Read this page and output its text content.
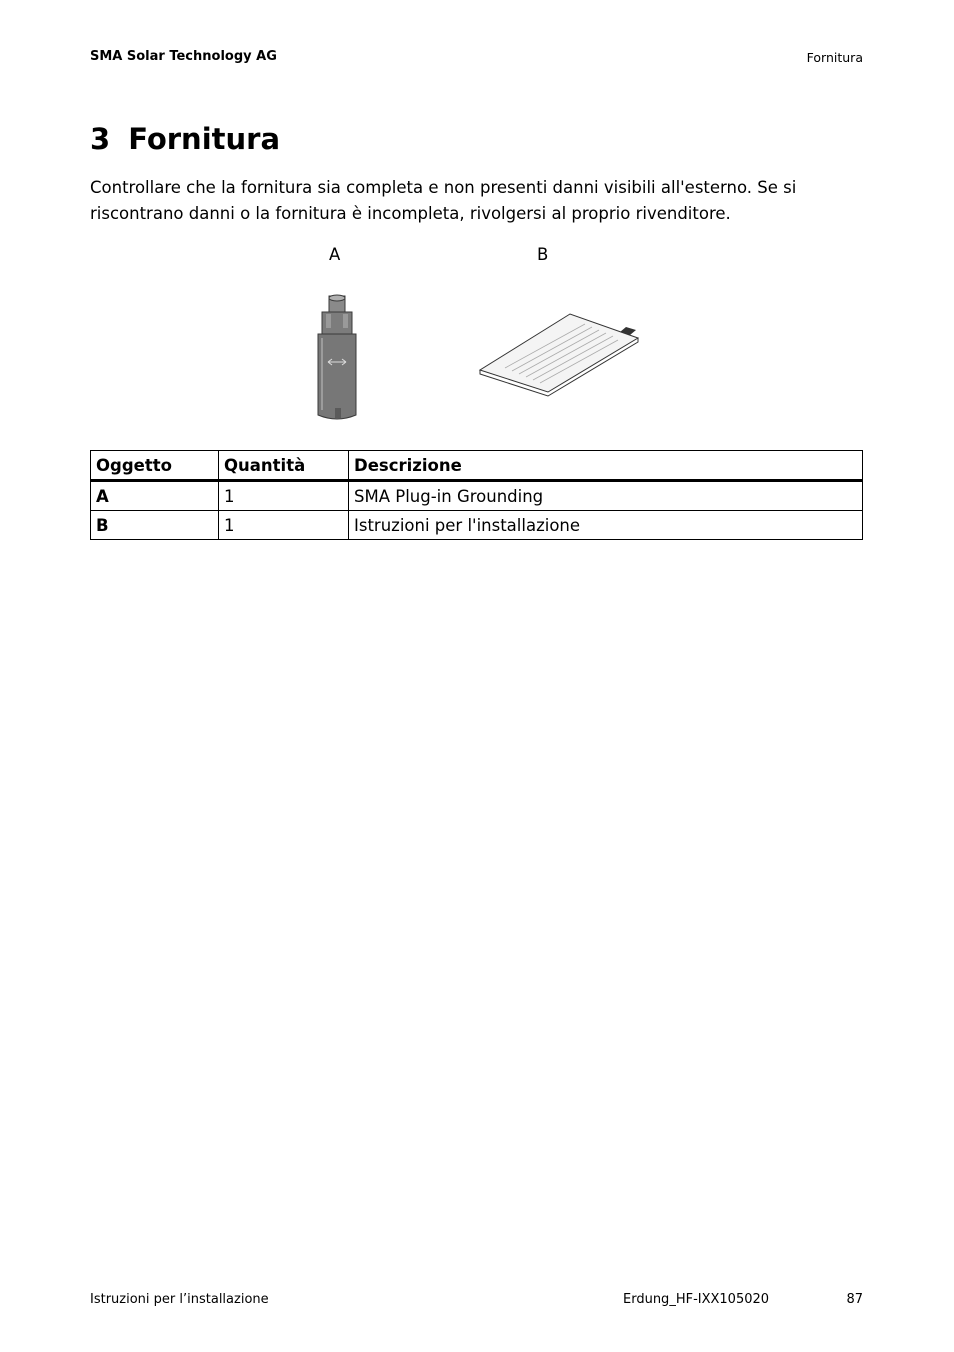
SMA Solar Technology AG	Fornitura
3 Fornitura

Controllare che la fornitura sia completa e non presenti danni visibili all'esterno. Se si riscontrano danni o la fornitura è incompleta, rivolgersi al proprio rivenditore.

A	B
Oggetto	Quantità	Descrizione
A	1	SMA Plug-in Grounding
B	1	Istruzioni per l'installazione
Istruzioni per l’installazione	Erdung_HF-IXX105020	87
